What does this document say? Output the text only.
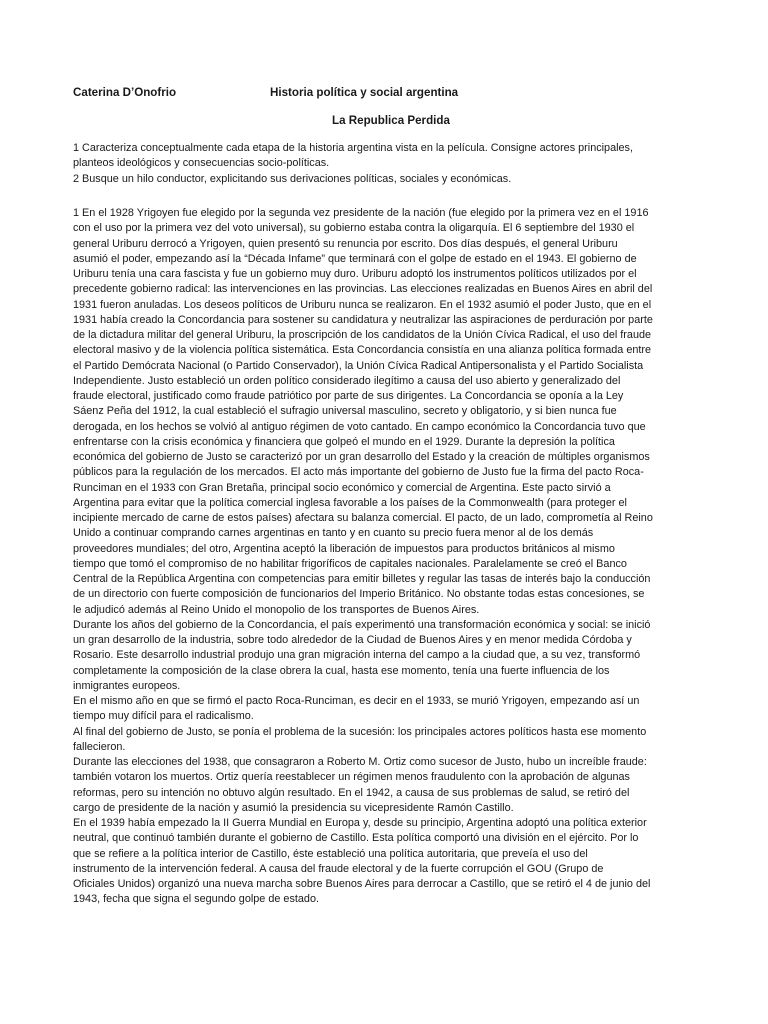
Caterina D’Onofrio	Historia política y social argentina
La Republica Perdida
1 Caracteriza conceptualmente cada etapa de la historia argentina vista en la película. Consigne actores principales,
planteos ideológicos y consecuencias socio-políticas.
2 Busque un hilo conductor, explicitando sus derivaciones políticas, sociales y económicas.
1 En el 1928 Yrigoyen fue elegido por la segunda vez presidente de la nación (fue elegido por la primera vez en el 1916
con el uso por la primera vez del voto universal), su gobierno estaba contra la oligarquía. El 6 septiembre del 1930 el
general Uriburu derrocó a Yrigoyen, quien presentó su renuncia por escrito. Dos días después, el general Uriburu
asumió el poder, empezando así la “Década Infame” que terminará con el golpe de estado en el 1943. El gobierno de
Uriburu tenía una cara fascista y fue un gobierno muy duro. Uriburu adoptó los instrumentos políticos utilizados por el
precedente gobierno radical: las intervenciones en las provincias. Las elecciones realizadas en Buenos Aires en abril del
1931 fueron anuladas. Los deseos políticos de Uriburu nunca se realizaron. En el 1932 asumió el poder Justo, que en el
1931 había creado la Concordancia para sostener su candidatura y neutralizar las aspiraciones de perduración por parte
de la dictadura militar del general Uriburu, la proscripción de los candidatos de la Unión Cívica Radical, el uso del fraude
electoral masivo y de la violencia política sistemática. Esta Concordancia consistía en una alianza política formada entre
el Partido Demócrata Nacional (o Partido Conservador), la Unión Cívica Radical Antipersonalista y el Partido Socialista
Independiente. Justo estableció un orden político considerado ilegítimo a causa del uso abierto y generalizado del
fraude electoral, justificado como fraude patriótico por parte de sus dirigentes. La Concordancia se oponía a la Ley
Sáenz Peña del 1912, la cual estableció el sufragio universal masculino, secreto y obligatorio, y si bien nunca fue
derogada, en los hechos se volvió al antiguo régimen de voto cantado. En campo económico la Concordancia tuvo que
enfrentarse con la crisis económica y financiera que golpeó el mundo en el 1929. Durante la depresión la política
económica del gobierno de Justo se caracterizó por un gran desarrollo del Estado y la creación de múltiples organismos
públicos para la regulación de los mercados. El acto más importante del gobierno de Justo fue la firma del pacto Roca-
Runciman en el 1933 con Gran Bretaña, principal socio económico y comercial de Argentina. Este pacto sirvió a
Argentina para evitar que la política comercial inglesa favorable a los países de la Commonwealth (para proteger el
incipiente mercado de carne de estos países) afectara su balanza comercial. El pacto, de un lado, comprometía al Reino
Unido a continuar comprando carnes argentinas en tanto y en cuanto su precio fuera menor al de los demás
proveedores mundiales; del otro, Argentina aceptó la liberación de impuestos para productos británicos al mismo
tiempo que tomó el compromiso de no habilitar frigoríficos de capitales nacionales. Paralelamente se creó el Banco
Central de la República Argentina con competencias para emitir billetes y regular las tasas de interés bajo la conducción
de un directorio con fuerte composición de funcionarios del Imperio Británico. No obstante todas estas concesiones, se
le adjudicó además al Reino Unido el monopolio de los transportes de Buenos Aires.
Durante los años del gobierno de la Concordancia, el país experimentó una transformación económica y social: se inició
un gran desarrollo de la industria, sobre todo alrededor de la Ciudad de Buenos Aires y en menor medida Córdoba y
Rosario. Este desarrollo industrial produjo una gran migración interna del campo a la ciudad que, a su vez, transformó
completamente la composición de la clase obrera la cual, hasta ese momento, tenía una fuerte influencia de los
inmigrantes europeos.
En el mismo año en que se firmó el pacto Roca-Runciman, es decir en el 1933, se murió Yrigoyen, empezando así un
tiempo muy difícil para el radicalismo.
Al final del gobierno de Justo, se ponía el problema de la sucesión: los principales actores políticos hasta ese momento
fallecieron.
Durante las elecciones del 1938, que consagraron a Roberto M. Ortiz como sucesor de Justo, hubo un increíble fraude:
también votaron los muertos. Ortiz quería reestablecer un régimen menos fraudulento con la aprobación de algunas
reformas, pero su intención no obtuvo algún resultado. En el 1942, a causa de sus problemas de salud, se retiró del
cargo de presidente de la nación y asumió la presidencia su vicepresidente Ramón Castillo.
En el 1939 había empezado la II Guerra Mundial en Europa y, desde su principio, Argentina adoptó una política exterior
neutral, que continuó también durante el gobierno de Castillo. Esta política comportó una división en el ejército. Por lo
que se refiere a la política interior de Castillo, éste estableció una política autoritaria, que preveía el uso del
instrumento de la intervención federal. A causa del fraude electoral y de la fuerte corrupción el GOU (Grupo de
Oficiales Unidos) organizó una nueva marcha sobre Buenos Aires para derrocar a Castillo, que se retiró el 4 de junio del
1943, fecha que signa el segundo golpe de estado.
